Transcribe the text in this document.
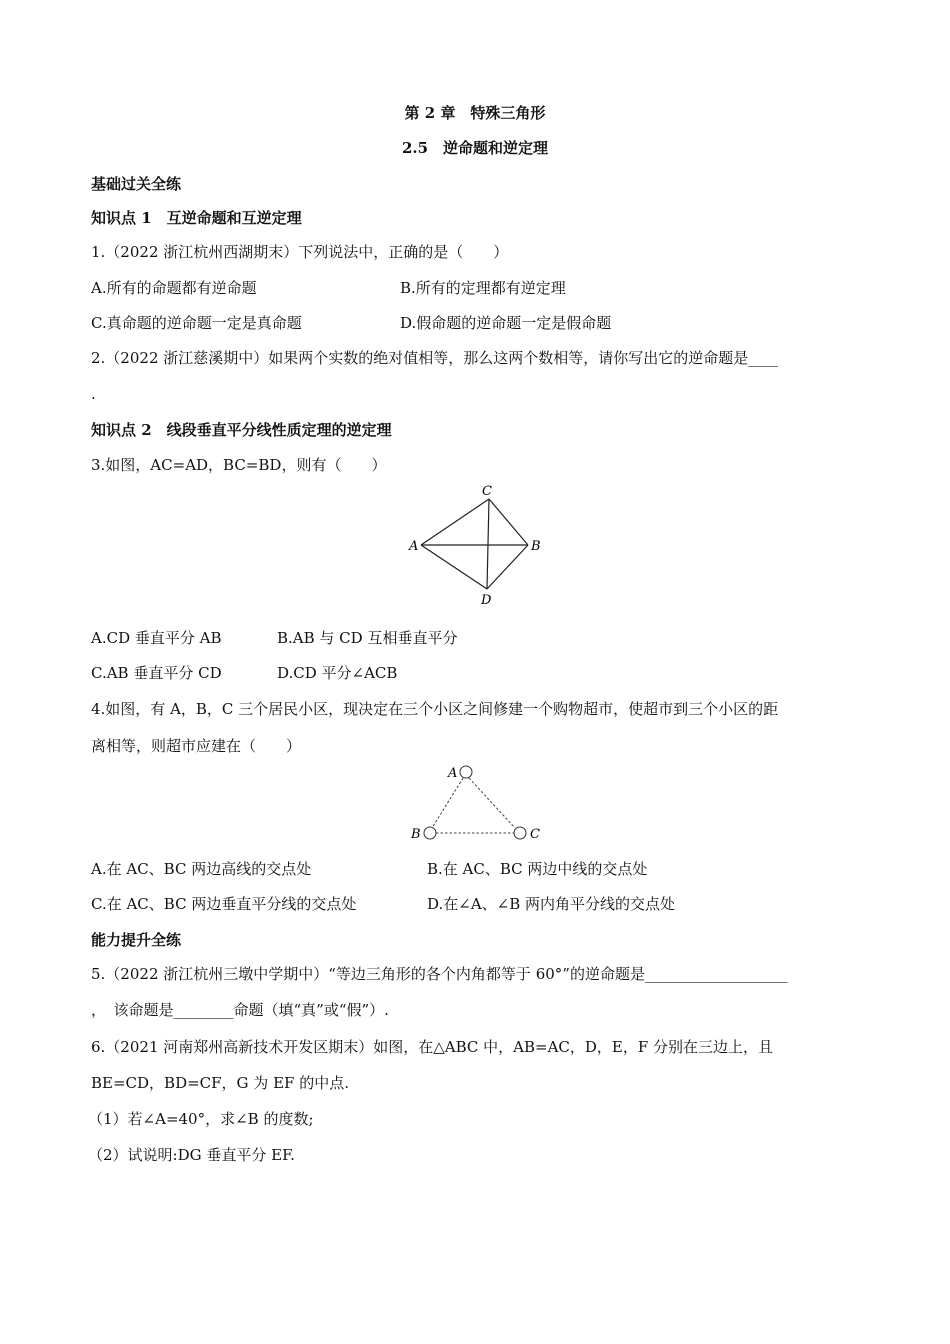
第 2 章　特殊三角形
2.5　逆命题和逆定理
基础过关全练
知识点 1　互逆命题和互逆定理
1.（2022 浙江杭州西湖期末）下列说法中，正确的是（　　）
A.所有的命题都有逆命题	B.所有的定理都有逆定理
C.真命题的逆命题一定是真命题	D.假命题的逆命题一定是假命题
2.（2022 浙江慈溪期中）如果两个实数的绝对值相等，那么这两个数相等，请你写出它的逆命题是____
.
知识点 2　线段垂直平分线性质定理的逆定理
3.如图，AC=AD，BC=BD，则有（　　）
C
A	B
D
A.CD 垂直平分 AB	B.AB 与 CD 互相垂直平分
C.AB 垂直平分 CD	D.CD 平分∠ACB
4.如图，有 A，B，C 三个居民小区，现决定在三个小区之间修建一个购物超市，使超市到三个小区的距
离相等，则超市应建在（　　）
A
B	C
A.在 AC、BC 两边高线的交点处	B.在 AC、BC 两边中线的交点处
C.在 AC、BC 两边垂直平分线的交点处	D.在∠A、∠B 两内角平分线的交点处
能力提升全练
5.（2022 浙江杭州三墩中学期中）“等边三角形的各个内角都等于 60°”的逆命题是___________________
，　该命题是________命题（填“真”或“假”）.
6.（2021 河南郑州高新技术开发区期末）如图，在△ABC 中，AB=AC，D，E，F 分别在三边上，且
BE=CD，BD=CF，G 为 EF 的中点.
（1）若∠A=40°，求∠B 的度数;
（2）试说明:DG 垂直平分 EF.
